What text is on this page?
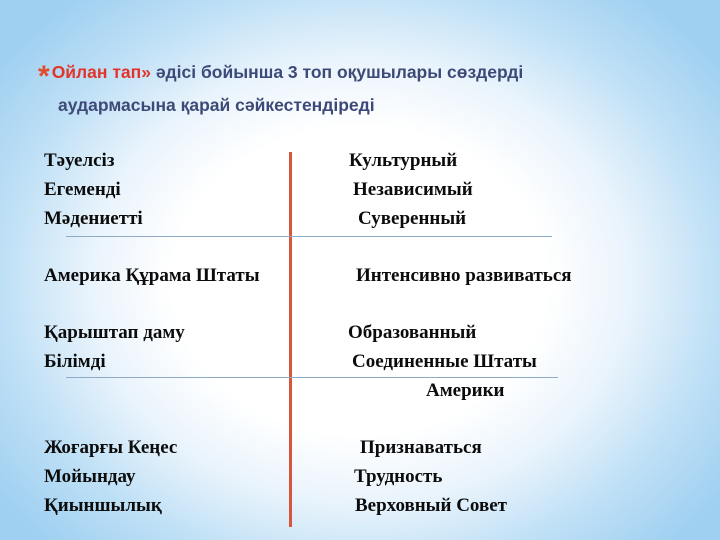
* Ойлан тап» әдісі бойынша 3 топ оқушылары сөздерді
аудармасына қарай сәйкестендіреді
Тәуелсіз
Егеменді
Мәдениетті
Америка Құрама Штаты
Қарыштап даму
Білімді
Жоғарғы Кеңес
Мойындау
Қиыншылық
Культурный
Независимый
Суверенный
Интенсивно развиваться
Образованный
Соединенные Штаты
Америки
Признаваться
Трудность
Верховный Совет
